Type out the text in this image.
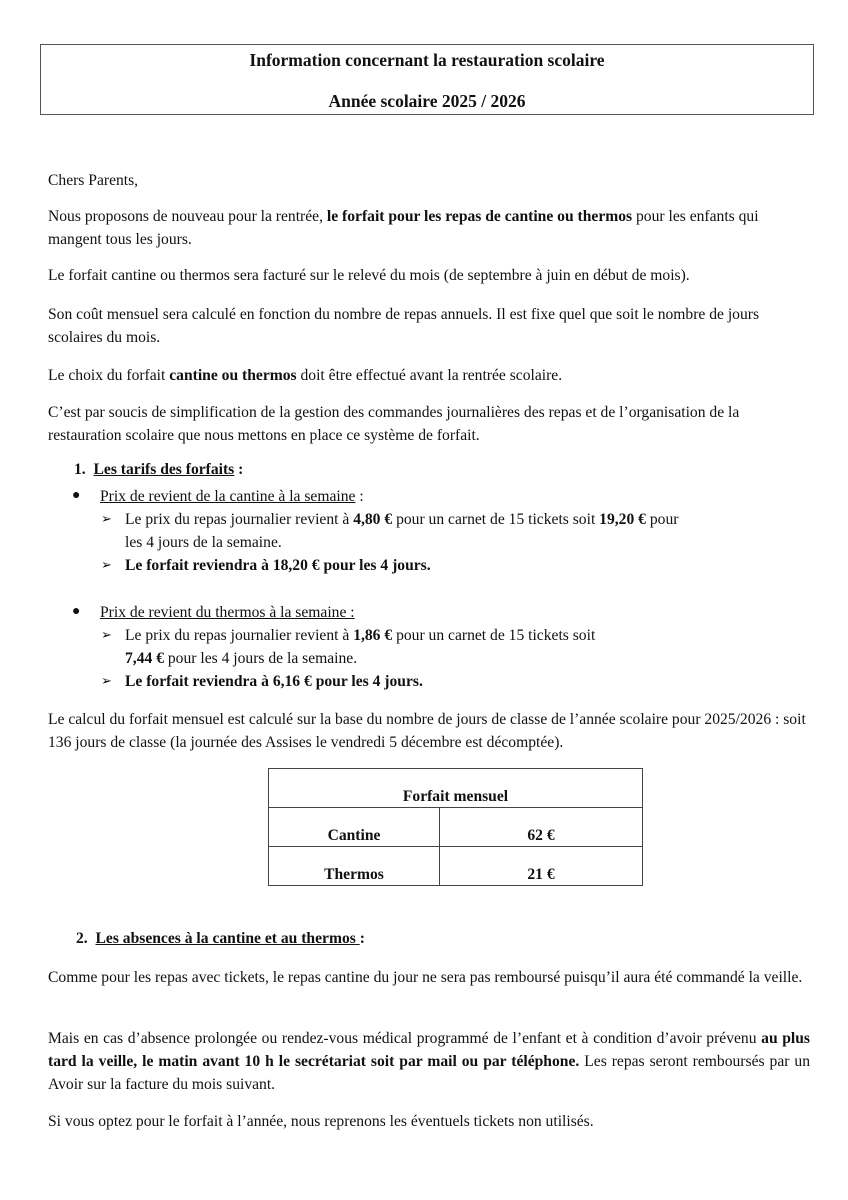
Information concernant la restauration scolaire
Année scolaire 2025 / 2026
Chers Parents,
Nous proposons de nouveau pour la rentrée, le forfait pour les repas de cantine ou thermos pour les enfants qui mangent tous les jours.
Le forfait cantine ou thermos sera facturé sur le relevé du mois (de septembre à juin en début de mois).
Son coût mensuel sera calculé en fonction du nombre de repas annuels. Il est fixe quel que soit le nombre de jours scolaires du mois.
Le choix du forfait cantine ou thermos doit être effectué avant la rentrée scolaire.
C’est par soucis de simplification de la gestion des commandes journalières des repas et de l’organisation de la restauration scolaire que nous mettons en place ce système de forfait.
1. Les tarifs des forfaits :
● Prix de revient de la cantine à la semaine :
➢ Le prix du repas journalier revient à 4,80 € pour un carnet de 15 tickets soit 19,20 € pour
les 4 jours de la semaine.
➢ Le forfait reviendra à 18,20 € pour les 4 jours.
● Prix de revient du thermos à la semaine :
➢ Le prix du repas journalier revient à 1,86 € pour un carnet de 15 tickets soit
7,44 € pour les 4 jours de la semaine.
➢ Le forfait reviendra à 6,16 € pour les 4 jours.
Le calcul du forfait mensuel est calculé sur la base du nombre de jours de classe de l’année scolaire pour 2025/2026 : soit 136 jours de classe (la journée des Assises le vendredi 5 décembre est décomptée).
Forfait mensuel	
Cantine	62 €
Thermos	21 €
2. Les absences à la cantine et au thermos :
Comme pour les repas avec tickets, le repas cantine du jour ne sera pas remboursé puisqu’il aura été commandé la veille.
Mais en cas d’absence prolongée ou rendez-vous médical programmé de l’enfant et à condition d’avoir prévenu au plus tard la veille, le matin avant 10 h le secrétariat soit par mail ou par téléphone. Les repas seront remboursés par un Avoir sur la facture du mois suivant.
Si vous optez pour le forfait à l’année, nous reprenons les éventuels tickets non utilisés.
